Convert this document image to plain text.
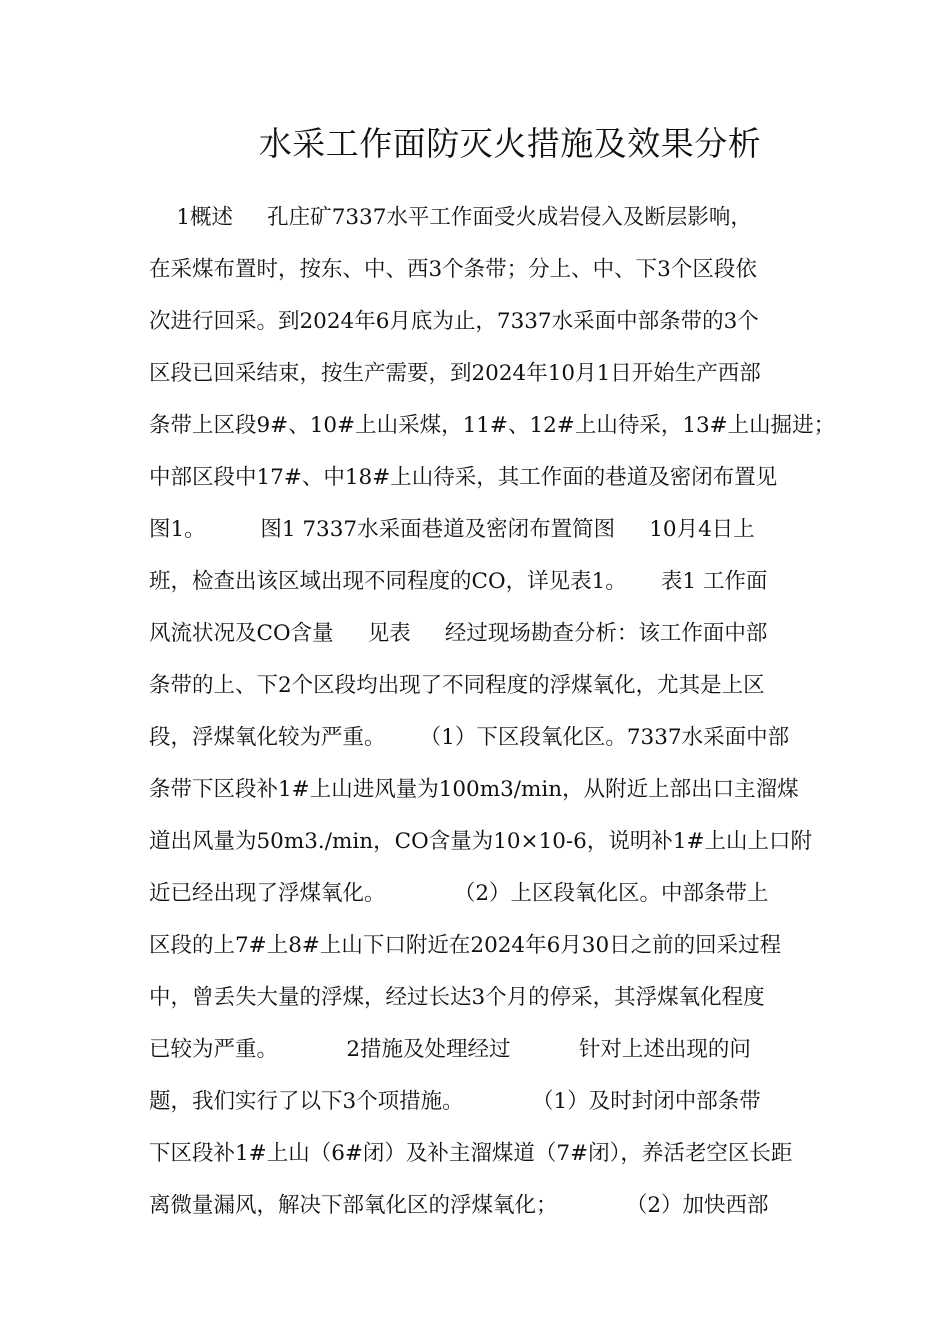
水采工作面防灭火措施及效果分析

1概述     孔庄矿7337水平工作面受火成岩侵入及断层影响，

在采煤布置时，按东、中、西3个条带；分上、中、下3个区段依

次进行回采。到2024年6月底为止，7337水采面中部条带的3个

区段已回采结束，按生产需要，到2024年10月1日开始生产西部

条带上区段9#、10#上山采煤，11#、12#上山待采，13#上山掘进；

中部区段中17#、中18#上山待采，其工作面的巷道及密闭布置见

图1。        图1 7337水采面巷道及密闭布置简图     10月4日上

班，检查出该区域出现不同程度的CO，详见表1。     表1 工作面

风流状况及CO含量     见表     经过现场勘查分析：该工作面中部

条带的上、下2个区段均出现了不同程度的浮煤氧化，尤其是上区

段，浮煤氧化较为严重。     （1）下区段氧化区。7337水采面中部

条带下区段补1#上山进风量为100m3/min，从附近上部出口主溜煤

道出风量为50m3./min，CO含量为10×10-6，说明补1#上山上口附

近已经出现了浮煤氧化。          （2）上区段氧化区。中部条带上

区段的上7#上8#上山下口附近在2024年6月30日之前的回采过程

中，曾丢失大量的浮煤，经过长达3个月的停采，其浮煤氧化程度

已较为严重。          2措施及处理经过          针对上述出现的问

题，我们实行了以下3个项措施。          （1）及时封闭中部条带

下区段补1#上山（6#闭）及补主溜煤道（7#闭），养活老空区长距

离微量漏风，解决下部氧化区的浮煤氧化；          （2）加快西部
